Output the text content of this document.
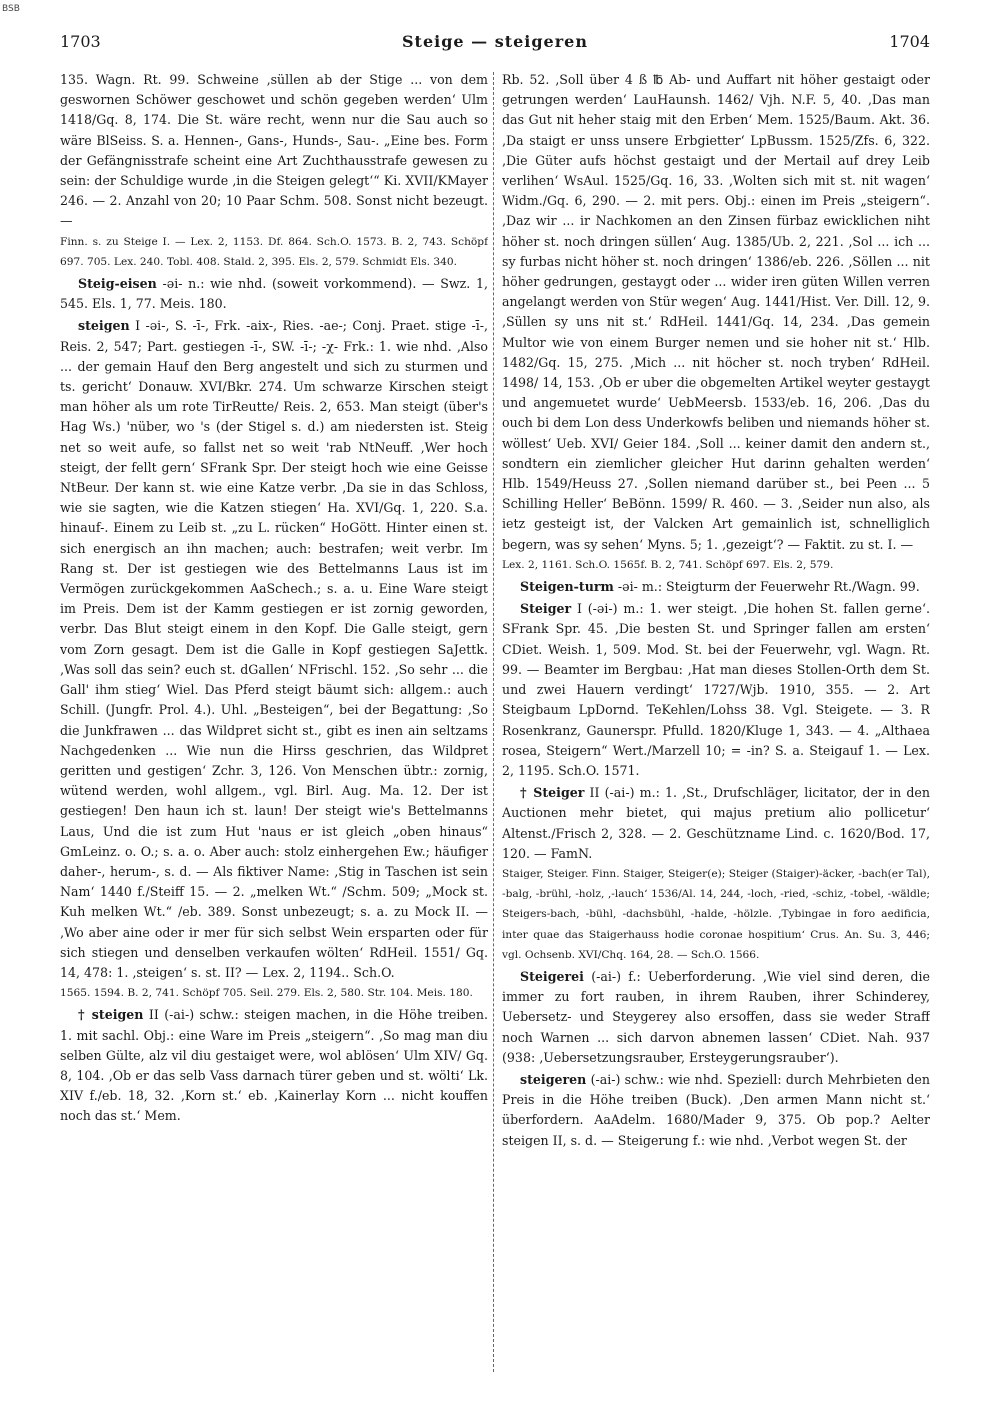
BSB
1703	Steige — steigeren	1704

135. Wagn. Rt. 99. Schweine ‚süllen ab der Stige ... von dem geswornen Schöwer geschowet und schön gegeben werden‘ Ulm 1418/Gq. 8, 174. Die St. wäre recht, wenn nur die Sau auch so wäre BlSeiss. S. a. Hennen-, Gans-, Hunds-, Sau-. „Eine bes. Form der Gefängnisstrafe scheint eine Art Zuchthausstrafe gewesen zu sein: der Schuldige wurde ‚in die Steigen gelegt‘“ Ki. XVII/KMayer 246. — 2. Anzahl von 20; 10 Paar Schm. 508. Sonst nicht bezeugt. —

Finn. s. zu Steige I. — Lex. 2, 1153. Df. 864. Sch.O. 1573. B. 2, 743. Schöpf 697. 705. Lex. 240. Tobl. 408. Stald. 2, 395. Els. 2, 579. Schmidt Els. 340.

Steig-eisen -əi- n.: wie nhd. (soweit vorkommend). — Swz. 1, 545. Els. 1, 77. Meis. 180.

steigen I -əi-, S. -ī-, Frk. -aix-, Ries. -ae-; Conj. Praet. stige -ī-, Reis. 2, 547; Part. gestiegen -ī-, SW. -ī-; -χ- Frk.: 1. wie nhd. ‚Also ... der gemain Hauf den Berg angestelt und sich zu sturmen und ts. gericht‘ Donauw. XVI/Bkr. 274. Um schwarze Kirschen steigt man höher als um rote TirReutte/ Reis. 2, 653. Man steigt (über's Hag Ws.) 'nüber, wo 's (der Stigel s. d.) am niedersten ist. Steig net so weit aufe, so fallst net so weit 'rab NtNeuff. ‚Wer hoch steigt, der fellt gern‘ SFrank Spr. Der steigt hoch wie eine Geisse NtBeur. Der kann st. wie eine Katze verbr. ‚Da sie in das Schloss, wie sie sagten, wie die Katzen stiegen‘ Ha. XVI/Gq. 1, 220. S.a. hinauf-. Einem zu Leib st. „zu L. rücken“ HoGött. Hinter einen st. sich energisch an ihn machen; auch: bestrafen; weit verbr. Im Rang st. Der ist gestiegen wie des Bettelmanns Laus ist im Vermögen zurückgekommen AaSchech.; s. a. u. Eine Ware steigt im Preis. Dem ist der Kamm gestiegen er ist zornig geworden, verbr. Das Blut steigt einem in den Kopf. Die Galle steigt, gern vom Zorn gesagt. Dem ist die Galle in Kopf gestiegen SaJettk. ‚Was soll das sein? euch st. dGallen‘ NFrischl. 152. ‚So sehr ... die Gall' ihm stieg‘ Wiel. Das Pferd steigt bäumt sich: allgem.: auch Schill. (Jungfr. Prol. 4.). Uhl. „Besteigen“, bei der Begattung: ‚So die Junkfrawen ... das Wildpret sicht st., gibt es inen ain seltzams Nachgedenken ... Wie nun die Hirss geschrien, das Wildpret geritten und gestigen‘ Zchr. 3, 126. Von Menschen übtr.: zornig, wütend werden, wohl allgem., vgl. Birl. Aug. Ma. 12. Der ist gestiegen! Den haun ich st. laun! Der steigt wie's Bettelmanns Laus, Und die ist zum Hut 'naus er ist gleich „oben hinaus“ GmLeinz. o. O.; s. a. o. Aber auch: stolz einhergehen Ew.; häufiger daher-, herum-, s. d. — Als fiktiver Name: ‚Stig in Taschen ist sein Nam‘ 1440 f./Steiff 15. — 2. „melken Wt.“ /Schm. 509; „Mock st. Kuh melken Wt.“ /eb. 389. Sonst unbezeugt; s. a. zu Mock II. — ‚Wo aber aine oder ir mer für sich selbst Wein ersparten oder für sich stiegen und denselben verkaufen wölten‘ RdHeil. 1551/ Gq. 14, 478: 1. ‚steigen‘ s. st. II? — Lex. 2, 1194.. Sch.O.

1565. 1594. B. 2, 741. Schöpf 705. Seil. 279. Els. 2, 580. Str. 104. Meis. 180.

† steigen II (-ai-) schw.: steigen machen, in die Höhe treiben. 1. mit sachl. Obj.: eine Ware im Preis „steigern“. ‚So mag man diu selben Gülte, alz vil diu gestaiget were, wol ablösen‘ Ulm XIV/ Gq. 8, 104. ‚Ob er das selb Vass darnach türer geben und st. wölti‘ Lk. XIV f./eb. 18, 32. ‚Korn st.‘ eb. ‚Kainerlay Korn ... nicht kouffen noch das st.‘ Mem.

Rb. 52. ‚Soll über 4 ß ℔ Ab- und Auffart nit höher gestaigt oder getrungen werden‘ LauHaunsh. 1462/ Vjh. N.F. 5, 40. ‚Das man das Gut nit heher staig mit den Erben‘ Mem. 1525/Baum. Akt. 36. ‚Da staigt er unss unsere Erbgietter‘ LpBussm. 1525/Zfs. 6, 322. ‚Die Güter aufs höchst gestaigt und der Mertail auf drey Leib verlihen‘ WsAul. 1525/Gq. 16, 33. ‚Wolten sich mit st. nit wagen‘ Widm./Gq. 6, 290. — 2. mit pers. Obj.: einen im Preis „steigern“. ‚Daz wir ... ir Nachkomen an den Zinsen fürbaz ewicklichen niht höher st. noch dringen süllen‘ Aug. 1385/Ub. 2, 221. ‚Sol ... ich ... sy furbas nicht höher st. noch dringen‘ 1386/eb. 226. ‚Söllen ... nit höher gedrungen, gestaygt oder ... wider iren güten Willen verren angelangt werden von Stür wegen‘ Aug. 1441/Hist. Ver. Dill. 12, 9. ‚Süllen sy uns nit st.‘ RdHeil. 1441/Gq. 14, 234. ‚Das gemein Multor wie von einem Burger nemen und sie hoher nit st.‘ Hlb. 1482/Gq. 15, 275. ‚Mich ... nit höcher st. noch tryben‘ RdHeil. 1498/ 14, 153. ‚Ob er uber die obgemelten Artikel weyter gestaygt und angemuetet wurde‘ UebMeersb. 1533/eb. 16, 206. ‚Das du ouch bi dem Lon dess Underkowfs beliben und niemands höher st. wöllest‘ Ueb. XVI/ Geier 184. ‚Soll ... keiner damit den andern st., sondtern ein ziemlicher gleicher Hut darinn gehalten werden‘ Hlb. 1549/Heuss 27. ‚Sollen niemand darüber st., bei Peen ... 5 Schilling Heller‘ BeBönn. 1599/ R. 460. — 3. ‚Seider nun also, als ietz gesteigt ist, der Valcken Art gemainlich ist, schnelliglich begern, was sy sehen‘ Myns. 5; 1. ‚gezeigt‘? — Faktit. zu st. I. —

Lex. 2, 1161. Sch.O. 1565f. B. 2, 741. Schöpf 697. Els. 2, 579.

Steigen-turm -əi- m.: Steigturm der Feuerwehr Rt./Wagn. 99.

Steiger I (-əi-) m.: 1. wer steigt. ‚Die hohen St. fallen gerne‘. SFrank Spr. 45. ‚Die besten St. und Springer fallen am ersten‘ CDiet. Weish. 1, 509. Mod. St. bei der Feuerwehr, vgl. Wagn. Rt. 99. — Beamter im Bergbau: ‚Hat man dieses Stollen-Orth dem St. und zwei Hauern verdingt‘ 1727/Wjb. 1910, 355. — 2. Art Steigbaum LpDornd. TeKehlen/Lohss 38. Vgl. Steigete. — 3. R Rosenkranz, Gaunerspr. Pfulld. 1820/Kluge 1, 343. — 4. „Althaea rosea, Steigern“ Wert./Marzell 10; = -in? S. a. Steigauf 1. — Lex. 2, 1195. Sch.O. 1571.

† Steiger II (-ai-) m.: 1. ‚St., Drufschläger, licitator, der in den Auctionen mehr bietet, qui majus pretium alio pollicetur‘ Altenst./Frisch 2, 328. — 2. Geschützname Lind. c. 1620/Bod. 17, 120. — FamN.

Staiger, Steiger. Finn. Staiger, Steiger(e); Steiger (Staiger)-äcker, -bach(er Tal), -balg, -brühl, -holz, ‚-lauch‘ 1536/Al. 14, 244, -loch, -ried, -schiz, -tobel, -wäldle; Steigers-bach, -bühl, -dachsbühl, -halde, -hölzle. ‚Tybingae in foro aedificia, inter quae das Staigerhauss hodie coronae hospitium‘ Crus. An. Su. 3, 446; vgl. Ochsenb. XVI/Chq. 164, 28. — Sch.O. 1566.

Steigerei (-ai-) f.: Ueberforderung. ‚Wie viel sind deren, die immer zu fort rauben, in ihrem Rauben, ihrer Schinderey, Uebersetz- und Steygerey also ersoffen, dass sie weder Straff noch Warnen ... sich darvon abnemen lassen‘ CDiet. Nah. 937 (938: ‚Uebersetzungsrauber, Ersteygerungsrauber‘).

steigeren (-ai-) schw.: wie nhd. Speziell: durch Mehrbieten den Preis in die Höhe treiben (Buck). ‚Den armen Mann nicht st.‘ überfordern. AaAdelm. 1680/Mader 9, 375. Ob pop.? Aelter steigen II, s. d. — Steigerung f.: wie nhd. ‚Verbot wegen St. der
